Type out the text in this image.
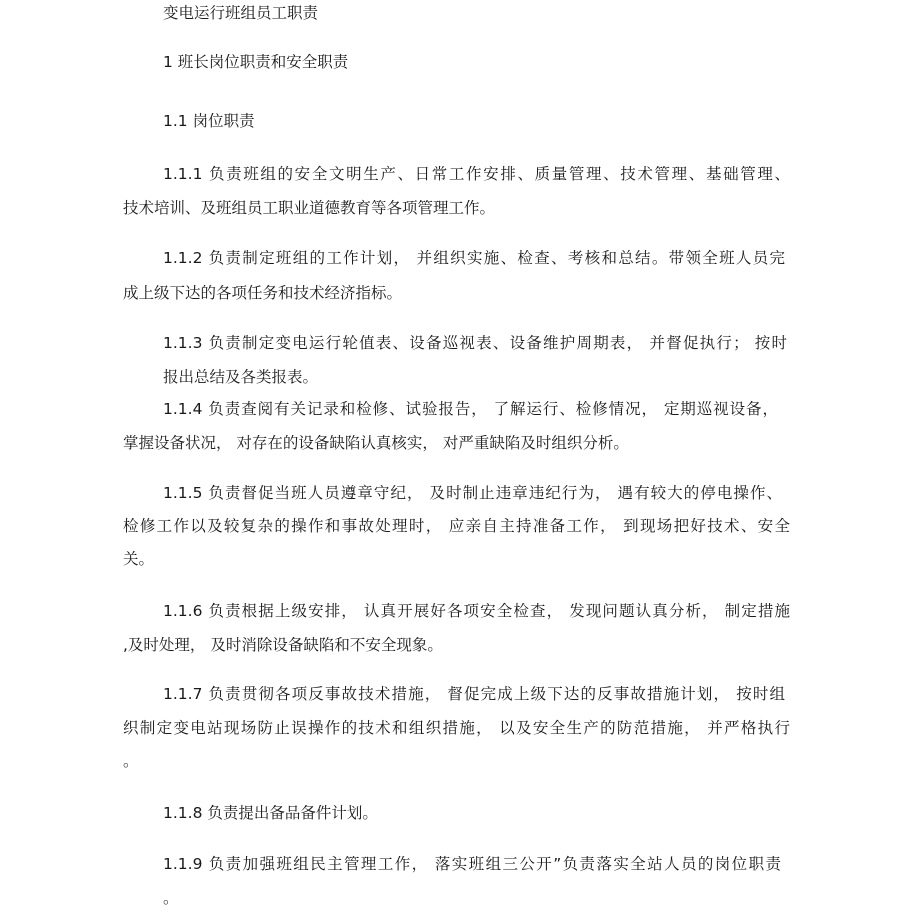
变电运行班组员工职责

1 班长岗位职责和安全职责

1.1 岗位职责

1.1.1 负责班组的安全文明生产、日常工作安排、质量管理、技术管理、基础管理、

技术培训、及班组员工职业道德教育等各项管理工作。

1.1.2 负责制定班组的工作计划， 并组织实施、检查、考核和总结。带领全班人员完

成上级下达的各项任务和技术经济指标。

1.1.3 负责制定变电运行轮值表、设备巡视表、设备维护周期表， 并督促执行； 按时

报出总结及各类报表。

1.1.4 负责查阅有关记录和检修、试验报告， 了解运行、检修情况， 定期巡视设备，

掌握设备状况， 对存在的设备缺陷认真核实， 对严重缺陷及时组织分析。

1.1.5 负责督促当班人员遵章守纪， 及时制止违章违纪行为， 遇有较大的停电操作、

检修工作以及较复杂的操作和事故处理时， 应亲自主持准备工作， 到现场把好技术、安全

关。

1.1.6 负责根据上级安排， 认真开展好各项安全检查， 发现问题认真分析， 制定措施

,及时处理， 及时消除设备缺陷和不安全现象。

1.1.7 负责贯彻各项反事故技术措施， 督促完成上级下达的反事故措施计划， 按时组

织制定变电站现场防止误操作的技术和组织措施， 以及安全生产的防范措施， 并严格执行

。

1.1.8 负责提出备品备件计划。

1.1.9 负责加强班组民主管理工作， 落实班组三公开”负责落实全站人员的岗位职责

。
